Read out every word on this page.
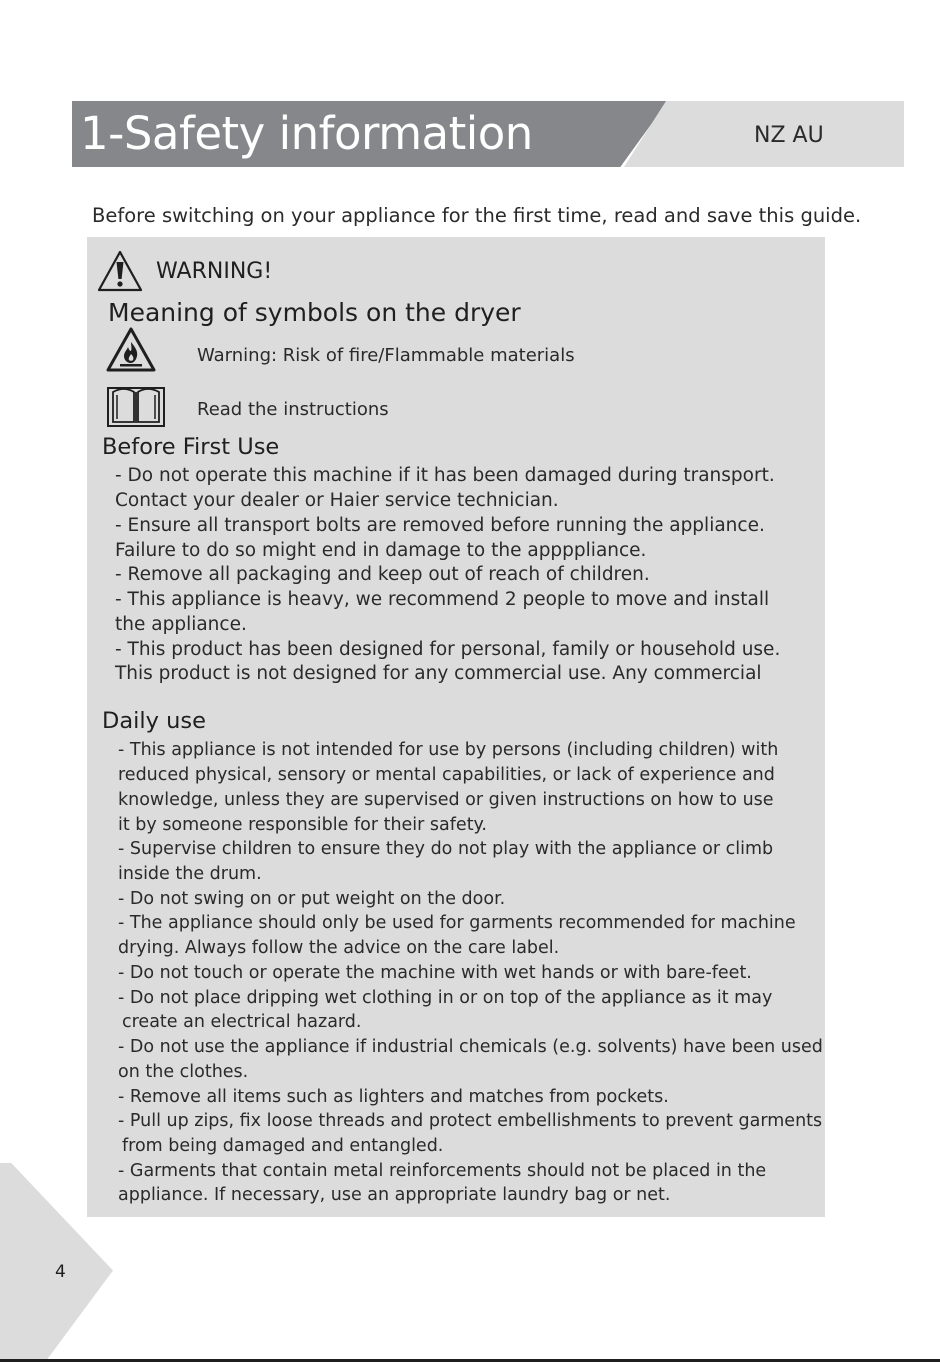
1-Safety information	NZ AU

Before switching on your appliance for the first time, read and save this guide.

WARNING!
Meaning of symbols on the dryer
Warning: Risk of fire/Flammable materials
Read the instructions
Before First Use

- Do not operate this machine if it has been damaged during transport.

Contact your dealer or Haier service technician.

- Ensure all transport bolts are removed before running the appliance.

Failure to do so might end in damage to the appppliance.

- Remove all packaging and keep out of reach of children.

- This appliance is heavy, we recommend 2 people to move and install

the appliance.

- This product has been designed for personal, family or household use.

This product is not designed for any commercial use. Any commercial

Daily use

- This appliance is not intended for use by persons (including children) with

reduced physical, sensory or mental capabilities, or lack of experience and

knowledge, unless they are supervised or given instructions on how to use

it by someone responsible for their safety.

- Supervise children to ensure they do not play with the appliance or climb

inside the drum.

- Do not swing on or put weight on the door.

- The appliance should only be used for garments recommended for machine

drying. Always follow the advice on the care label.

- Do not touch or operate the machine with wet hands or with bare-feet.

- Do not place dripping wet clothing in or on top of the appliance as it may

create an electrical hazard.

- Do not use the appliance if industrial chemicals (e.g. solvents) have been used

on the clothes.

- Remove all items such as lighters and matches from pockets.

- Pull up zips, fix loose threads and protect embellishments to prevent garments

from being damaged and entangled.

- Garments that contain metal reinforcements should not be placed in the

appliance. If necessary, use an appropriate laundry bag or net.

4
